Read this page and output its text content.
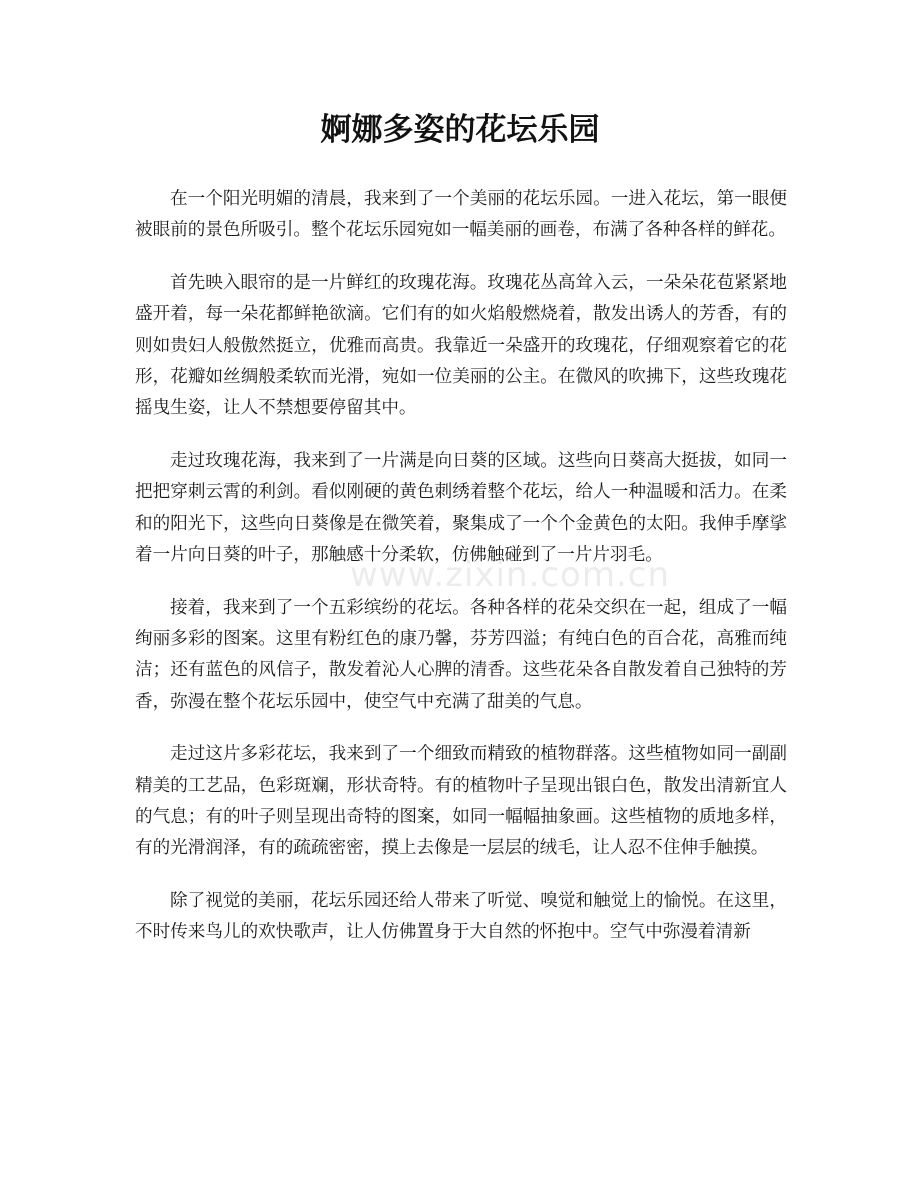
www.zixin.com.cn
婀娜多姿的花坛乐园

在一个阳光明媚的清晨，我来到了一个美丽的花坛乐园。一进入花坛，第一眼便被眼前的景色所吸引。整个花坛乐园宛如一幅美丽的画卷，布满了各种各样的鲜花。

首先映入眼帘的是一片鲜红的玫瑰花海。玫瑰花丛高耸入云，一朵朵花苞紧紧地盛开着，每一朵花都鲜艳欲滴。它们有的如火焰般燃烧着，散发出诱人的芳香，有的则如贵妇人般傲然挺立，优雅而高贵。我靠近一朵盛开的玫瑰花，仔细观察着它的花形，花瓣如丝绸般柔软而光滑，宛如一位美丽的公主。在微风的吹拂下，这些玫瑰花摇曳生姿，让人不禁想要停留其中。

走过玫瑰花海，我来到了一片满是向日葵的区域。这些向日葵高大挺拔，如同一把把穿刺云霄的利剑。看似刚硬的黄色刺绣着整个花坛，给人一种温暖和活力。在柔和的阳光下，这些向日葵像是在微笑着，聚集成了一个个金黄色的太阳。我伸手摩挲着一片向日葵的叶子，那触感十分柔软，仿佛触碰到了一片片羽毛。

接着，我来到了一个五彩缤纷的花坛。各种各样的花朵交织在一起，组成了一幅绚丽多彩的图案。这里有粉红色的康乃馨，芬芳四溢；有纯白色的百合花，高雅而纯洁；还有蓝色的风信子，散发着沁人心脾的清香。这些花朵各自散发着自己独特的芳香，弥漫在整个花坛乐园中，使空气中充满了甜美的气息。

走过这片多彩花坛，我来到了一个细致而精致的植物群落。这些植物如同一副副精美的工艺品，色彩斑斓，形状奇特。有的植物叶子呈现出银白色，散发出清新宜人的气息；有的叶子则呈现出奇特的图案，如同一幅幅抽象画。这些植物的质地多样，有的光滑润泽，有的疏疏密密，摸上去像是一层层的绒毛，让人忍不住伸手触摸。

除了视觉的美丽，花坛乐园还给人带来了听觉、嗅觉和触觉上的愉悦。在这里，不时传来鸟儿的欢快歌声，让人仿佛置身于大自然的怀抱中。空气中弥漫着清新
